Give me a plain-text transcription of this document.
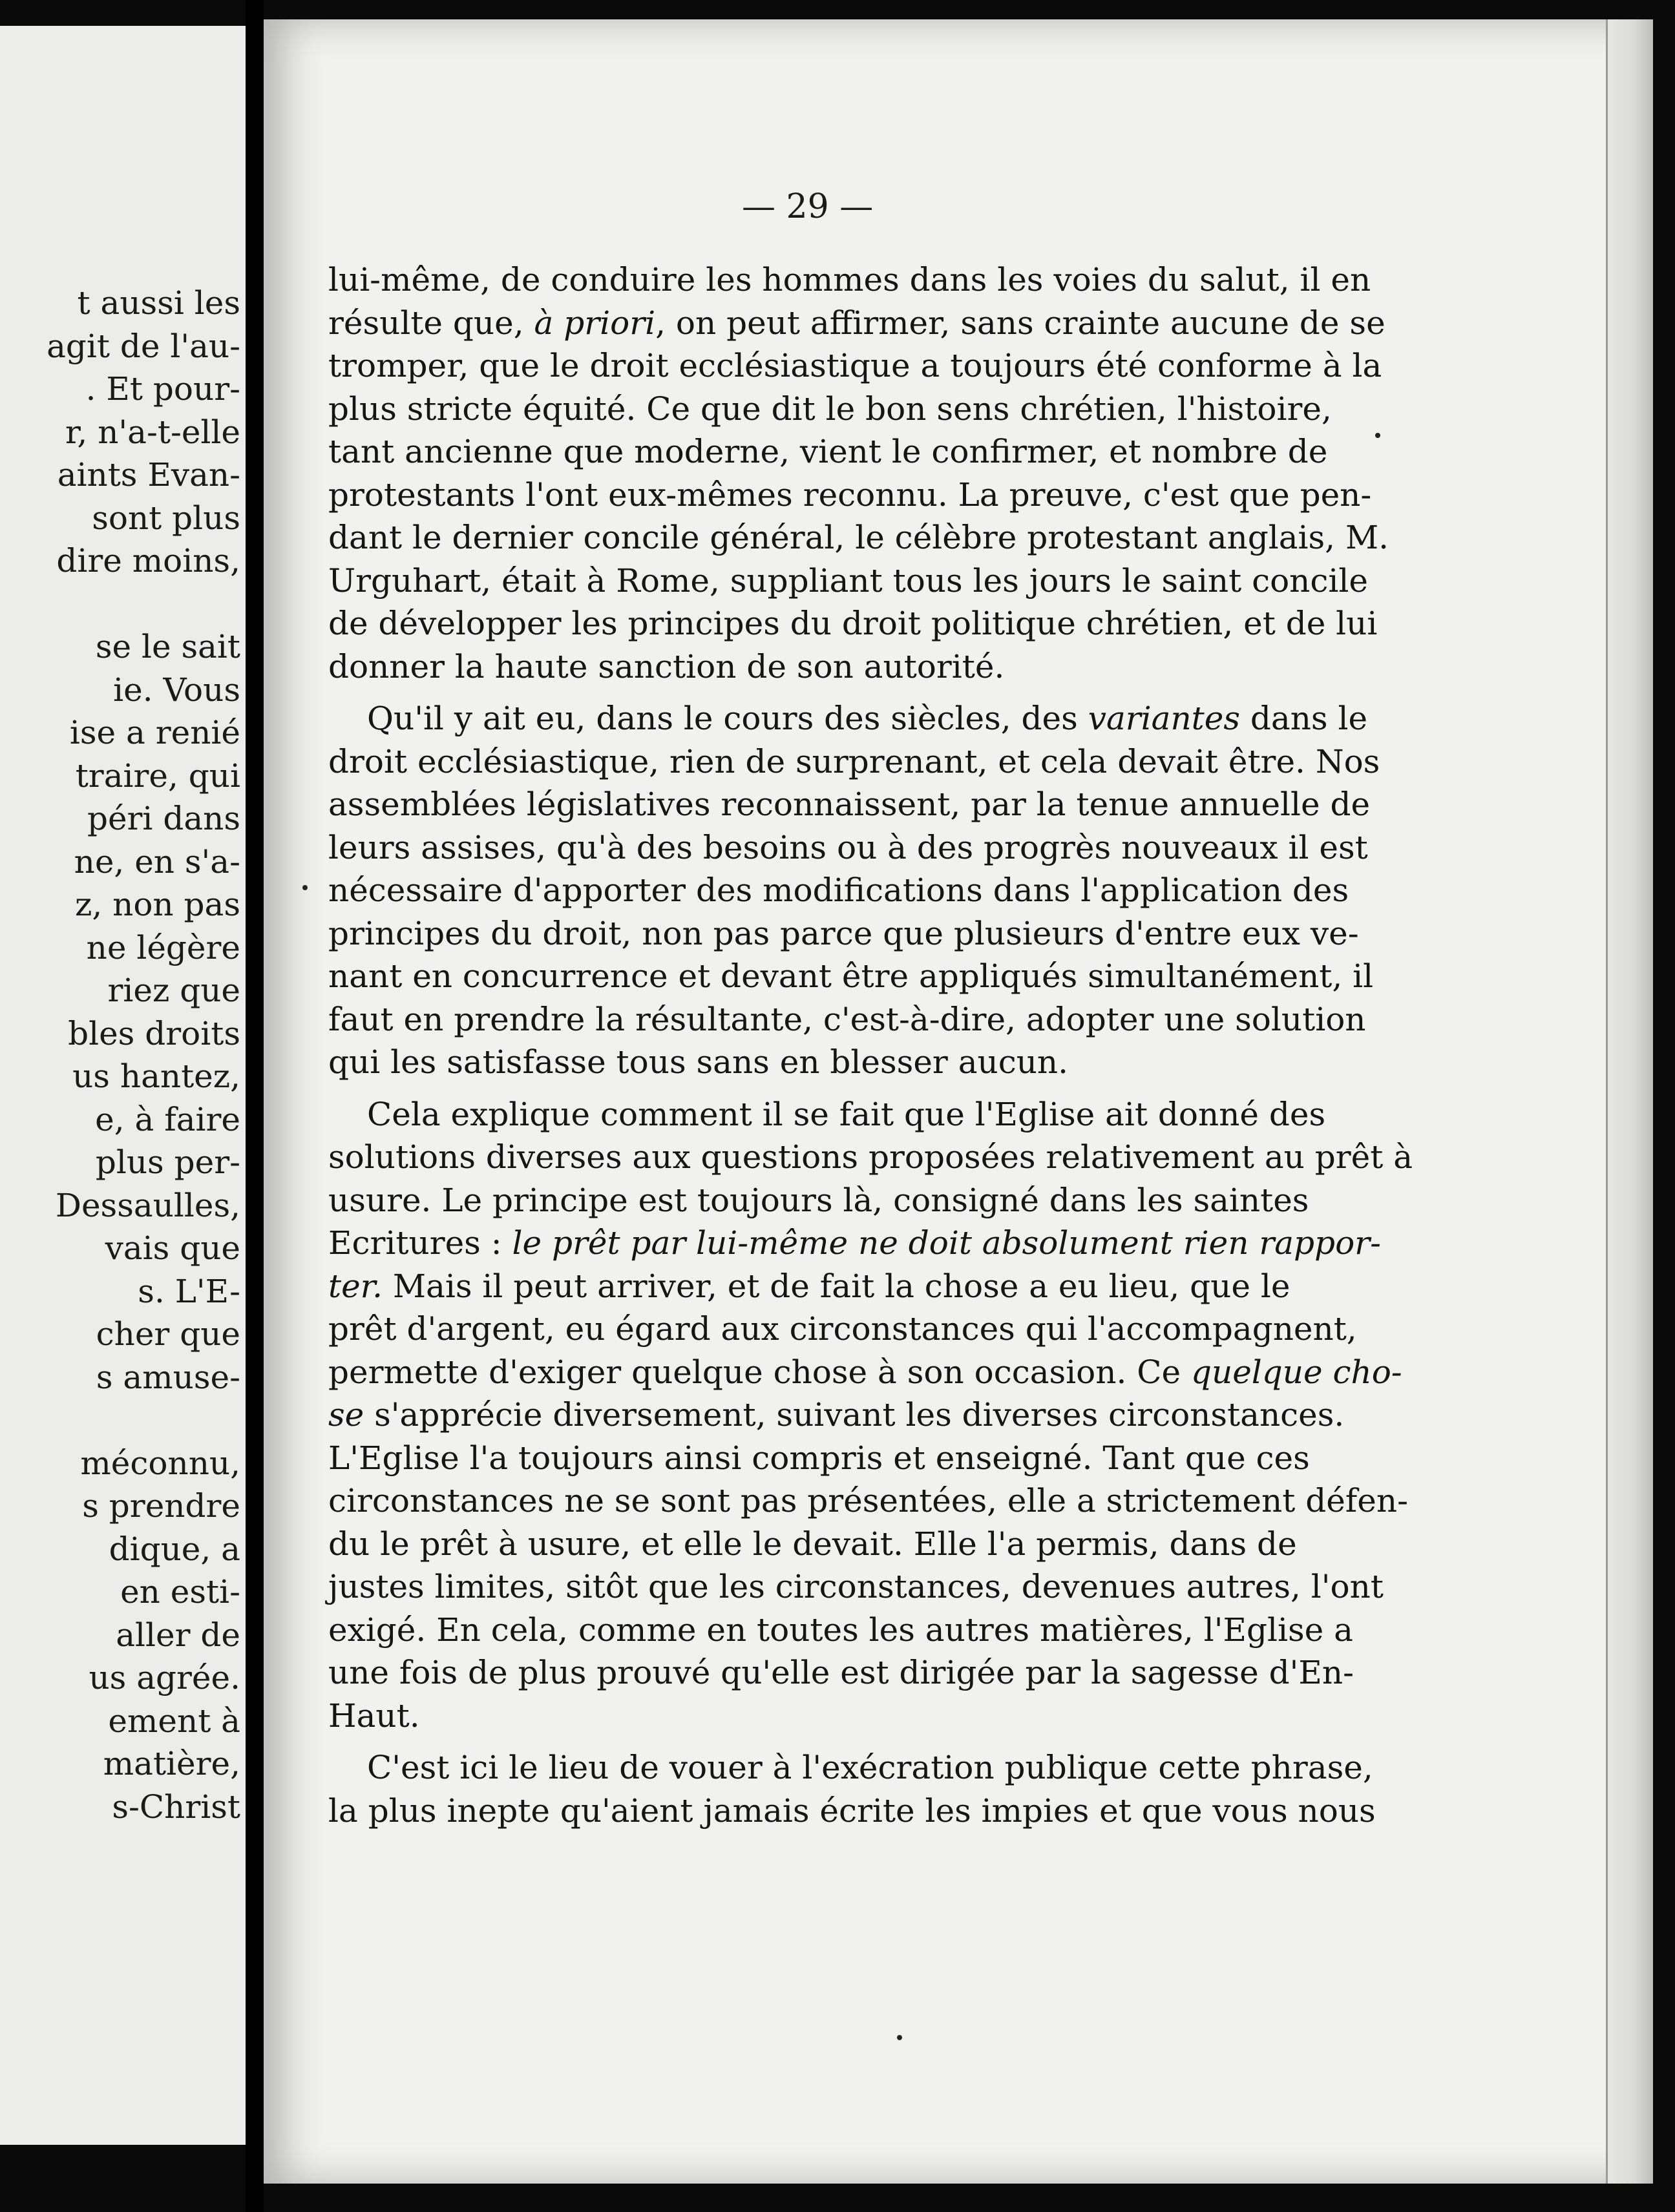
t aussi les
agit de l'au-
. Et pour-
r, n'a-t-elle
aints Evan-
sont plus
dire moins,
se le sait
ie. Vous
ise a renié
traire, qui
péri dans
ne, en s'a-
z, non pas
ne légère
riez que
bles droits
us hantez,
e, à faire
plus per-
Dessaulles,
vais que
s. L'E-
cher que
s amuse-
méconnu,
s prendre
dique, a
en esti-
aller de
us agrée.
ement à
matière,
s-Christ
— 29 —
lui-même, de conduire les hommes dans les voies du salut, il en
résulte que, à priori, on peut affirmer, sans crainte aucune de se
tromper, que le droit ecclésiastique a toujours été conforme à la
plus stricte équité. Ce que dit le bon sens chrétien, l'histoire,
tant ancienne que moderne, vient le confirmer, et nombre de
protestants l'ont eux-mêmes reconnu. La preuve, c'est que pen-
dant le dernier concile général, le célèbre protestant anglais, M.
Urguhart, était à Rome, suppliant tous les jours le saint concile
de développer les principes du droit politique chrétien, et de lui
donner la haute sanction de son autorité.
Qu'il y ait eu, dans le cours des siècles, des variantes dans le
droit ecclésiastique, rien de surprenant, et cela devait être. Nos
assemblées législatives reconnaissent, par la tenue annuelle de
leurs assises, qu'à des besoins ou à des progrès nouveaux il est
nécessaire d'apporter des modifications dans l'application des
principes du droit, non pas parce que plusieurs d'entre eux ve-
nant en concurrence et devant être appliqués simultanément, il
faut en prendre la résultante, c'est-à-dire, adopter une solution
qui les satisfasse tous sans en blesser aucun.
Cela explique comment il se fait que l'Eglise ait donné des
solutions diverses aux questions proposées relativement au prêt à
usure. Le principe est toujours là, consigné dans les saintes
Ecritures : le prêt par lui-même ne doit absolument rien rappor-
ter. Mais il peut arriver, et de fait la chose a eu lieu, que le
prêt d'argent, eu égard aux circonstances qui l'accompagnent,
permette d'exiger quelque chose à son occasion. Ce quelque cho-
se s'apprécie diversement, suivant les diverses circonstances.
L'Eglise l'a toujours ainsi compris et enseigné. Tant que ces
circonstances ne se sont pas présentées, elle a strictement défen-
du le prêt à usure, et elle le devait. Elle l'a permis, dans de
justes limites, sitôt que les circonstances, devenues autres, l'ont
exigé. En cela, comme en toutes les autres matières, l'Eglise a
une fois de plus prouvé qu'elle est dirigée par la sagesse d'En-
Haut.
C'est ici le lieu de vouer à l'exécration publique cette phrase,
la plus inepte qu'aient jamais écrite les impies et que vous nous
